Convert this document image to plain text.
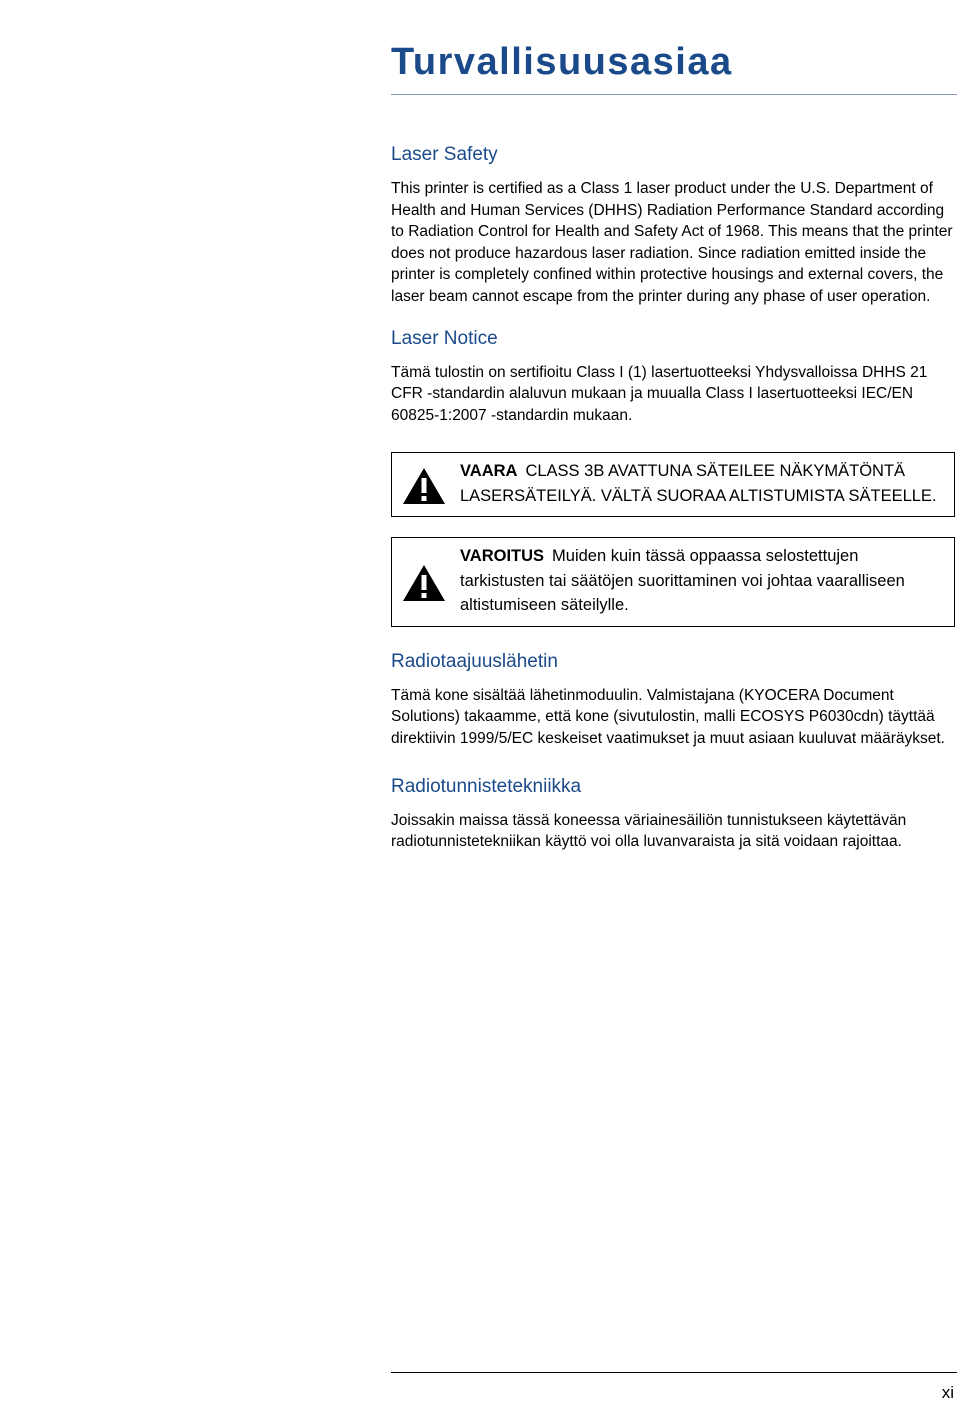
Turvallisuusasiaa
Laser Safety

This printer is certified as a Class 1 laser product under the U.S. Department of Health and Human Services (DHHS) Radiation Performance Standard according to Radiation Control for Health and Safety Act of 1968. This means that the printer does not produce hazardous laser radiation. Since radiation emitted inside the printer is completely confined within protective housings and external covers, the laser beam cannot escape from the printer during any phase of user operation.

Laser Notice

Tämä tulostin on sertifioitu Class I (1) lasertuotteeksi Yhdysvalloissa DHHS 21 CFR -standardin alaluvun mukaan ja muualla Class I lasertuotteeksi IEC/EN 60825-1:2007 -standardin mukaan.

VAARA CLASS 3B AVATTUNA SÄTEILEE NÄKYMÄTÖNTÄ LASERSÄTEILYÄ. VÄLTÄ SUORAA ALTISTUMISTA SÄTEELLE.

VAROITUS Muiden kuin tässä oppaassa selostettujen tarkistusten tai säätöjen suorittaminen voi johtaa vaaralliseen altistumiseen säteilylle.

Radiotaajuuslähetin

Tämä kone sisältää lähetinmoduulin. Valmistajana (KYOCERA Document Solutions) takaamme, että kone (sivutulostin, malli ECOSYS P6030cdn) täyttää direktiivin 1999/5/EC keskeiset vaatimukset ja muut asiaan kuuluvat määräykset.

Radiotunnistetekniikka

Joissakin maissa tässä koneessa väriainesäiliön tunnistukseen käytettävän radiotunnistetekniikan käyttö voi olla luvanvaraista ja sitä voidaan rajoittaa.

xi
